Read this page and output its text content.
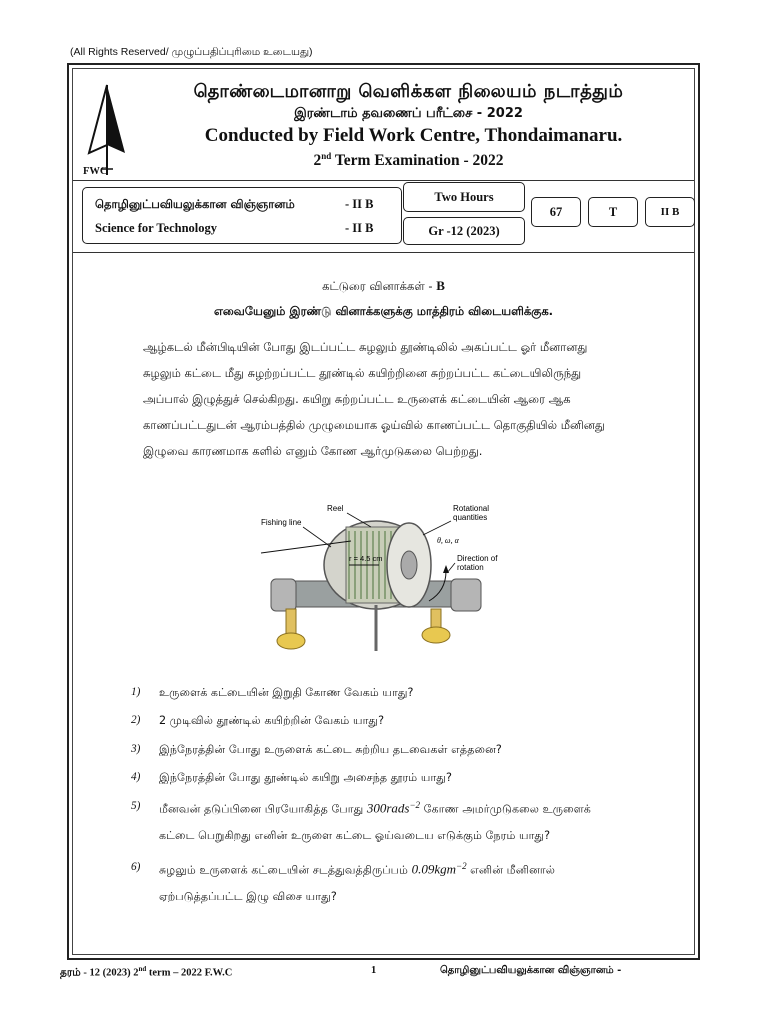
(All Rights Reserved/ முழுப்பதிப்புரிமை உடையது)
FWC
தொண்டைமானாறு வெளிக்கள நிலையம் நடாத்தும்
இரண்டாம் தவணைப் பரீட்சை - 2022
Conducted by Field Work Centre, Thondaimanaru.
2nd Term Examination - 2022
தொழினுட்பவியலுக்கான விஞ்ஞானம்	- II B
Science for Technology	- II B
Two Hours
Gr -12 (2023)
67	T	II B
கட்டுரை வினாக்கள் - B
எவையேனும் இரண்டு வினாக்களுக்கு மாத்திரம் விடையளிக்குக.
ஆழ்கடல் மீன்பிடியின் போது இடப்பட்ட சுழலும் தூண்டிலில் அகப்பட்ட ஓர் மீனானது
சுழலும் கட்டை மீது சுழற்றப்பட்ட தூண்டில் கயிற்றினை சுற்றப்பட்ட கட்டையிலிருந்து
அப்பால் இழுத்துச் செல்கிறது. கயிறு சுற்றப்பட்ட உருளைக் கட்டையின் ஆரை ஆக
காணப்பட்டதுடன் ஆரம்பத்தில் முழுமையாக ஓய்வில் காணப்பட்ட தொகுதியில் மீனினது
இழுவை காரணமாக களில் எனும் கோண ஆர்முடுகலை பெற்றது.
Reel
Fishing line
Rotational
quantities
θ, ω, α
Direction of
rotation
r = 4.5 cm
1) உருளைக் கட்டையின் இறுதி கோண வேகம் யாது?
2) 2 முடிவில் தூண்டில் கயிற்றின் வேகம் யாது?
3) இந்நேரத்தின் போது உருளைக் கட்டை சுற்றிய தடவைகள் எத்தனை?
4) இந்நேரத்தின் போது தூண்டில் கயிறு அசைந்த தூரம் யாது?
5) மீனவன் தடுப்பினை பிரயோகித்த போது 300rads$^{-2}$ கோண அமர்முடுகலை உருளைக்
கட்டை பெறுகிறது எனின் உருளை கட்டை ஓய்வடைய எடுக்கும் நேரம் யாது?
6) சுழலும் உருளைக் கட்டையின் சடத்துவத்திருப்பம் 0.09kgm$^{-2}$ எனின் மீனினால்
ஏற்படுத்தப்பட்ட இழு விசை யாது?
தரம் - 12 (2023) 2nd term – 2022 F.W.C	1	தொழினுட்பவியலுக்கான விஞ்ஞானம் -
